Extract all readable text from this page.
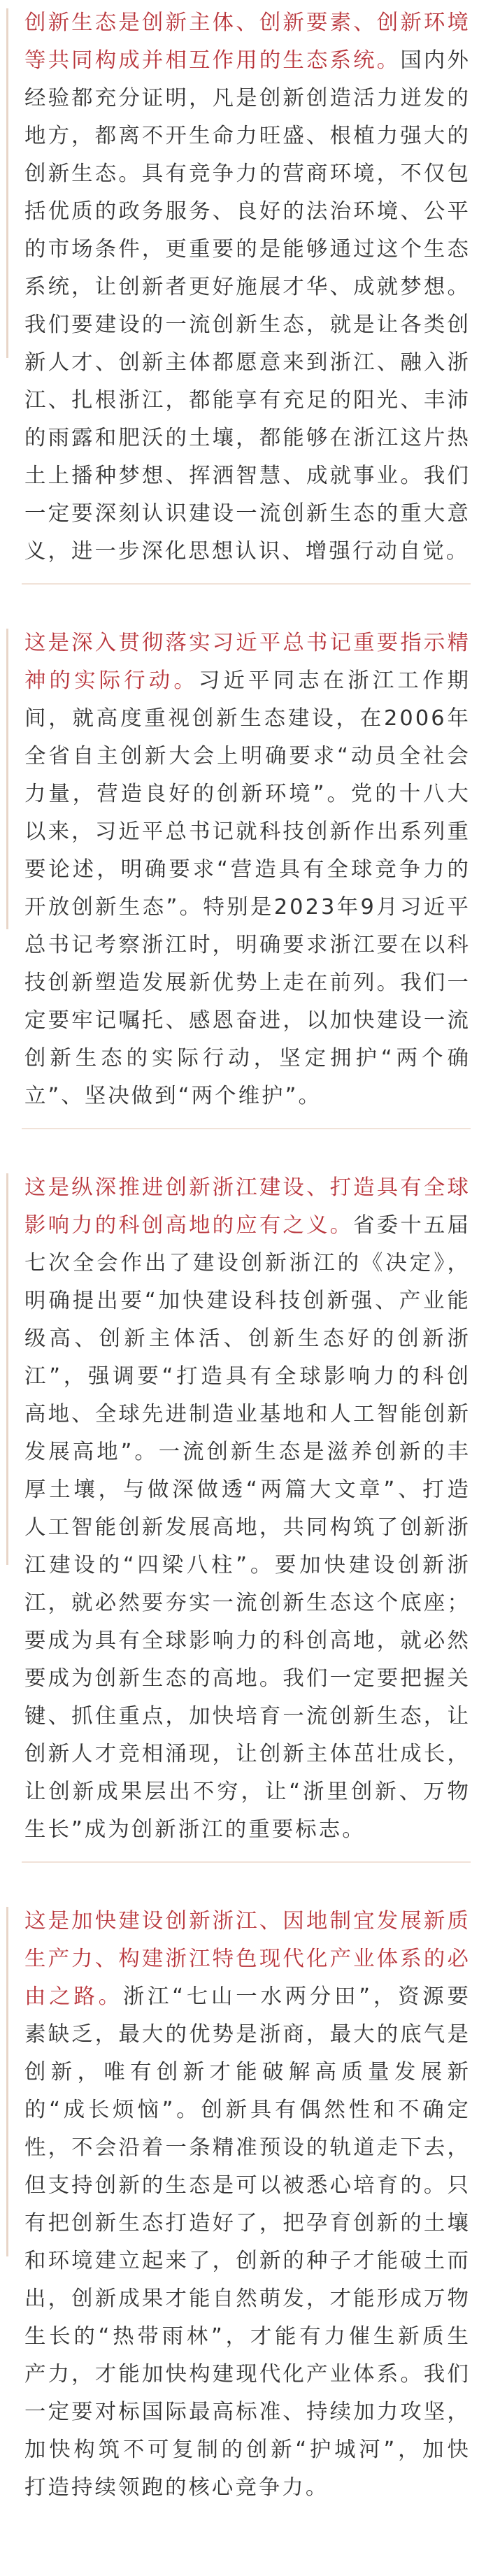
创新生态是创新主体、创新要素、创新环境等共同构成并相互作用的生态系统。国内外经验都充分证明，凡是创新创造活力迸发的地方，都离不开生命力旺盛、根植力强大的创新生态。具有竞争力的营商环境，不仅包括优质的政务服务、良好的法治环境、公平的市场条件，更重要的是能够通过这个生态系统，让创新者更好施展才华、成就梦想。我们要建设的一流创新生态，就是让各类创新人才、创新主体都愿意来到浙江、融入浙江、扎根浙江，都能享有充足的阳光、丰沛的雨露和肥沃的土壤，都能够在浙江这片热土上播种梦想、挥洒智慧、成就事业。我们一定要深刻认识建设一流创新生态的重大意义，进一步深化思想认识、增强行动自觉。

这是深入贯彻落实习近平总书记重要指示精神的实际行动。习近平同志在浙江工作期间，就高度重视创新生态建设，在2006年全省自主创新大会上明确要求“动员全社会力量，营造良好的创新环境”。党的十八大以来，习近平总书记就科技创新作出系列重要论述，明确要求“营造具有全球竞争力的开放创新生态”。特别是2023年9月习近平总书记考察浙江时，明确要求浙江要在以科技创新塑造发展新优势上走在前列。我们一定要牢记嘱托、感恩奋进，以加快建设一流创新生态的实际行动，坚定拥护“两个确立”、坚决做到“两个维护”。

这是纵深推进创新浙江建设、打造具有全球影响力的科创高地的应有之义。省委十五届七次全会作出了建设创新浙江的《决定》，明确提出要“加快建设科技创新强、产业能级高、创新主体活、创新生态好的创新浙江”，强调要“打造具有全球影响力的科创高地、全球先进制造业基地和人工智能创新发展高地”。一流创新生态是滋养创新的丰厚土壤，与做深做透“两篇大文章”、打造人工智能创新发展高地，共同构筑了创新浙江建设的“四梁八柱”。要加快建设创新浙江，就必然要夯实一流创新生态这个底座；要成为具有全球影响力的科创高地，就必然要成为创新生态的高地。我们一定要把握关键、抓住重点，加快培育一流创新生态，让创新人才竞相涌现，让创新主体茁壮成长，让创新成果层出不穷，让“浙里创新、万物生长”成为创新浙江的重要标志。

这是加快建设创新浙江、因地制宜发展新质生产力、构建浙江特色现代化产业体系的必由之路。浙江“七山一水两分田”，资源要素缺乏，最大的优势是浙商，最大的底气是创新，唯有创新才能破解高质量发展新的“成长烦恼”。创新具有偶然性和不确定性，不会沿着一条精准预设的轨道走下去，但支持创新的生态是可以被悉心培育的。只有把创新生态打造好了，把孕育创新的土壤和环境建立起来了，创新的种子才能破土而出，创新成果才能自然萌发，才能形成万物生长的“热带雨林”，才能有力催生新质生产力，才能加快构建现代化产业体系。我们一定要对标国际最高标准、持续加力攻坚，加快构筑不可复制的创新“护城河”，加快打造持续领跑的核心竞争力。
